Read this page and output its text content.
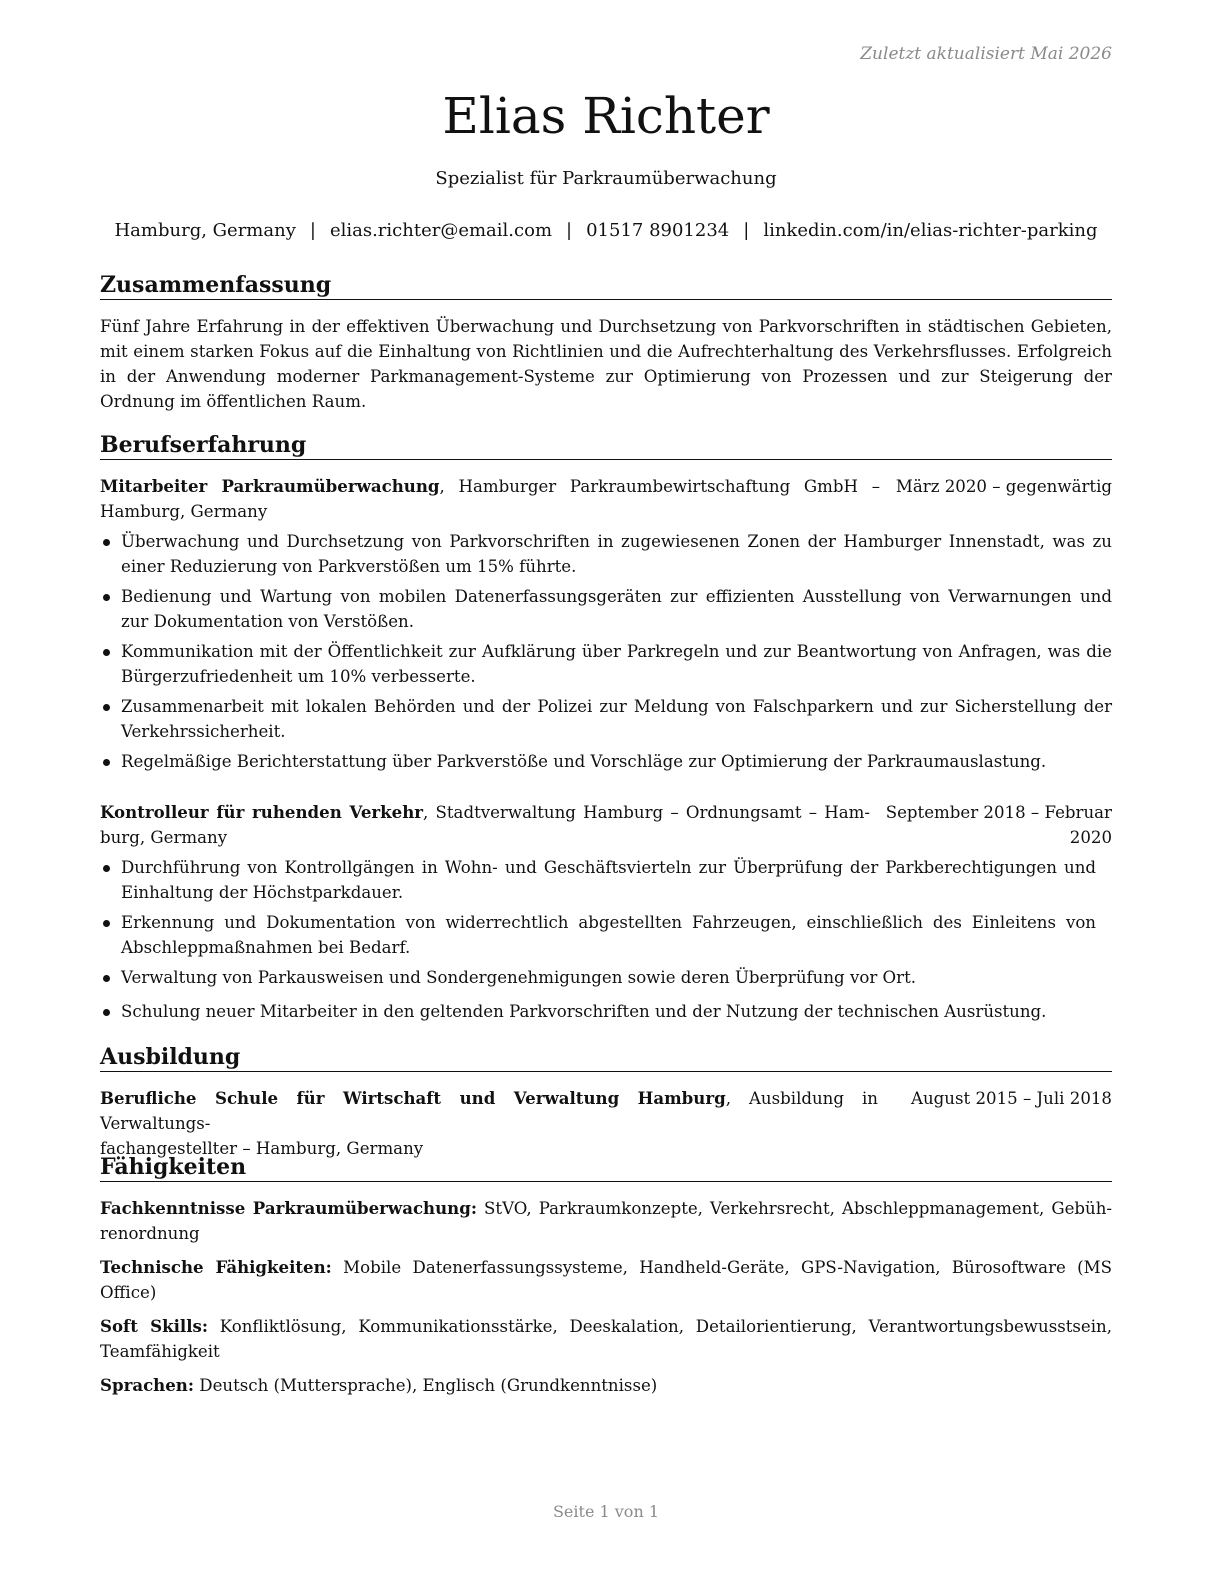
Zuletzt aktualisiert Mai 2026
Elias Richter
Spezialist für Parkraumüberwachung
Hamburg, Germany | elias.richter@email.com | 01517 8901234 | linkedin.com/in/elias-richter-parking
Zusammenfassung
Fünf Jahre Erfahrung in der effektiven Überwachung und Durchsetzung von Parkvorschriften in städtischen Gebieten,
mit einem starken Fokus auf die Einhaltung von Richtlinien und die Aufrechterhaltung des Verkehrsflusses. Erfolgreich
in der Anwendung moderner Parkmanagement-Systeme zur Optimierung von Prozessen und zur Steigerung der
Ordnung im öffentlichen Raum.
Berufserfahrung
Mitarbeiter Parkraumüberwachung, Hamburger Parkraumbewirtschaftung GmbH –
Hamburg, Germany
März 2020 – gegenwärtig
Überwachung und Durchsetzung von Parkvorschriften in zugewiesenen Zonen der Hamburger Innenstadt, was zu
einer Reduzierung von Parkverstößen um 15% führte.
Bedienung und Wartung von mobilen Datenerfassungsgeräten zur effizienten Ausstellung von Verwarnungen und
zur Dokumentation von Verstößen.
Kommunikation mit der Öffentlichkeit zur Aufklärung über Parkregeln und zur Beantwortung von Anfragen, was die
Bürgerzufriedenheit um 10% verbesserte.
Zusammenarbeit mit lokalen Behörden und der Polizei zur Meldung von Falschparkern und zur Sicherstellung der
Verkehrssicherheit.
Regelmäßige Berichterstattung über Parkverstöße und Vorschläge zur Optimierung der Parkraumauslastung.
Kontrolleur für ruhenden Verkehr, Stadtverwaltung Hamburg – Ordnungsamt – Ham-
burg, Germany
September 2018 – Februar
2020
Durchführung von Kontrollgängen in Wohn- und Geschäftsvierteln zur Überprüfung der Parkberechtigungen und
Einhaltung der Höchstparkdauer.
Erkennung und Dokumentation von widerrechtlich abgestellten Fahrzeugen, einschließlich des Einleitens von
Abschleppmaßnahmen bei Bedarf.
Verwaltung von Parkausweisen und Sondergenehmigungen sowie deren Überprüfung vor Ort.
Schulung neuer Mitarbeiter in den geltenden Parkvorschriften und der Nutzung der technischen Ausrüstung.
Ausbildung
Berufliche Schule für Wirtschaft und Verwaltung Hamburg, Ausbildung in Verwaltungs-
fachangestellter – Hamburg, Germany
August 2015 – Juli 2018
Fähigkeiten
Fachkenntnisse Parkraumüberwachung: StVO, Parkraumkonzepte, Verkehrsrecht, Abschleppmanagement, Gebüh-
renordnung
Technische Fähigkeiten: Mobile Datenerfassungssysteme, Handheld-Geräte, GPS-Navigation, Bürosoftware (MS
Office)
Soft Skills: Konfliktlösung, Kommunikationsstärke, Deeskalation, Detailorientierung, Verantwortungsbewusstsein,
Teamfähigkeit
Sprachen: Deutsch (Muttersprache), Englisch (Grundkenntnisse)
Seite 1 von 1
